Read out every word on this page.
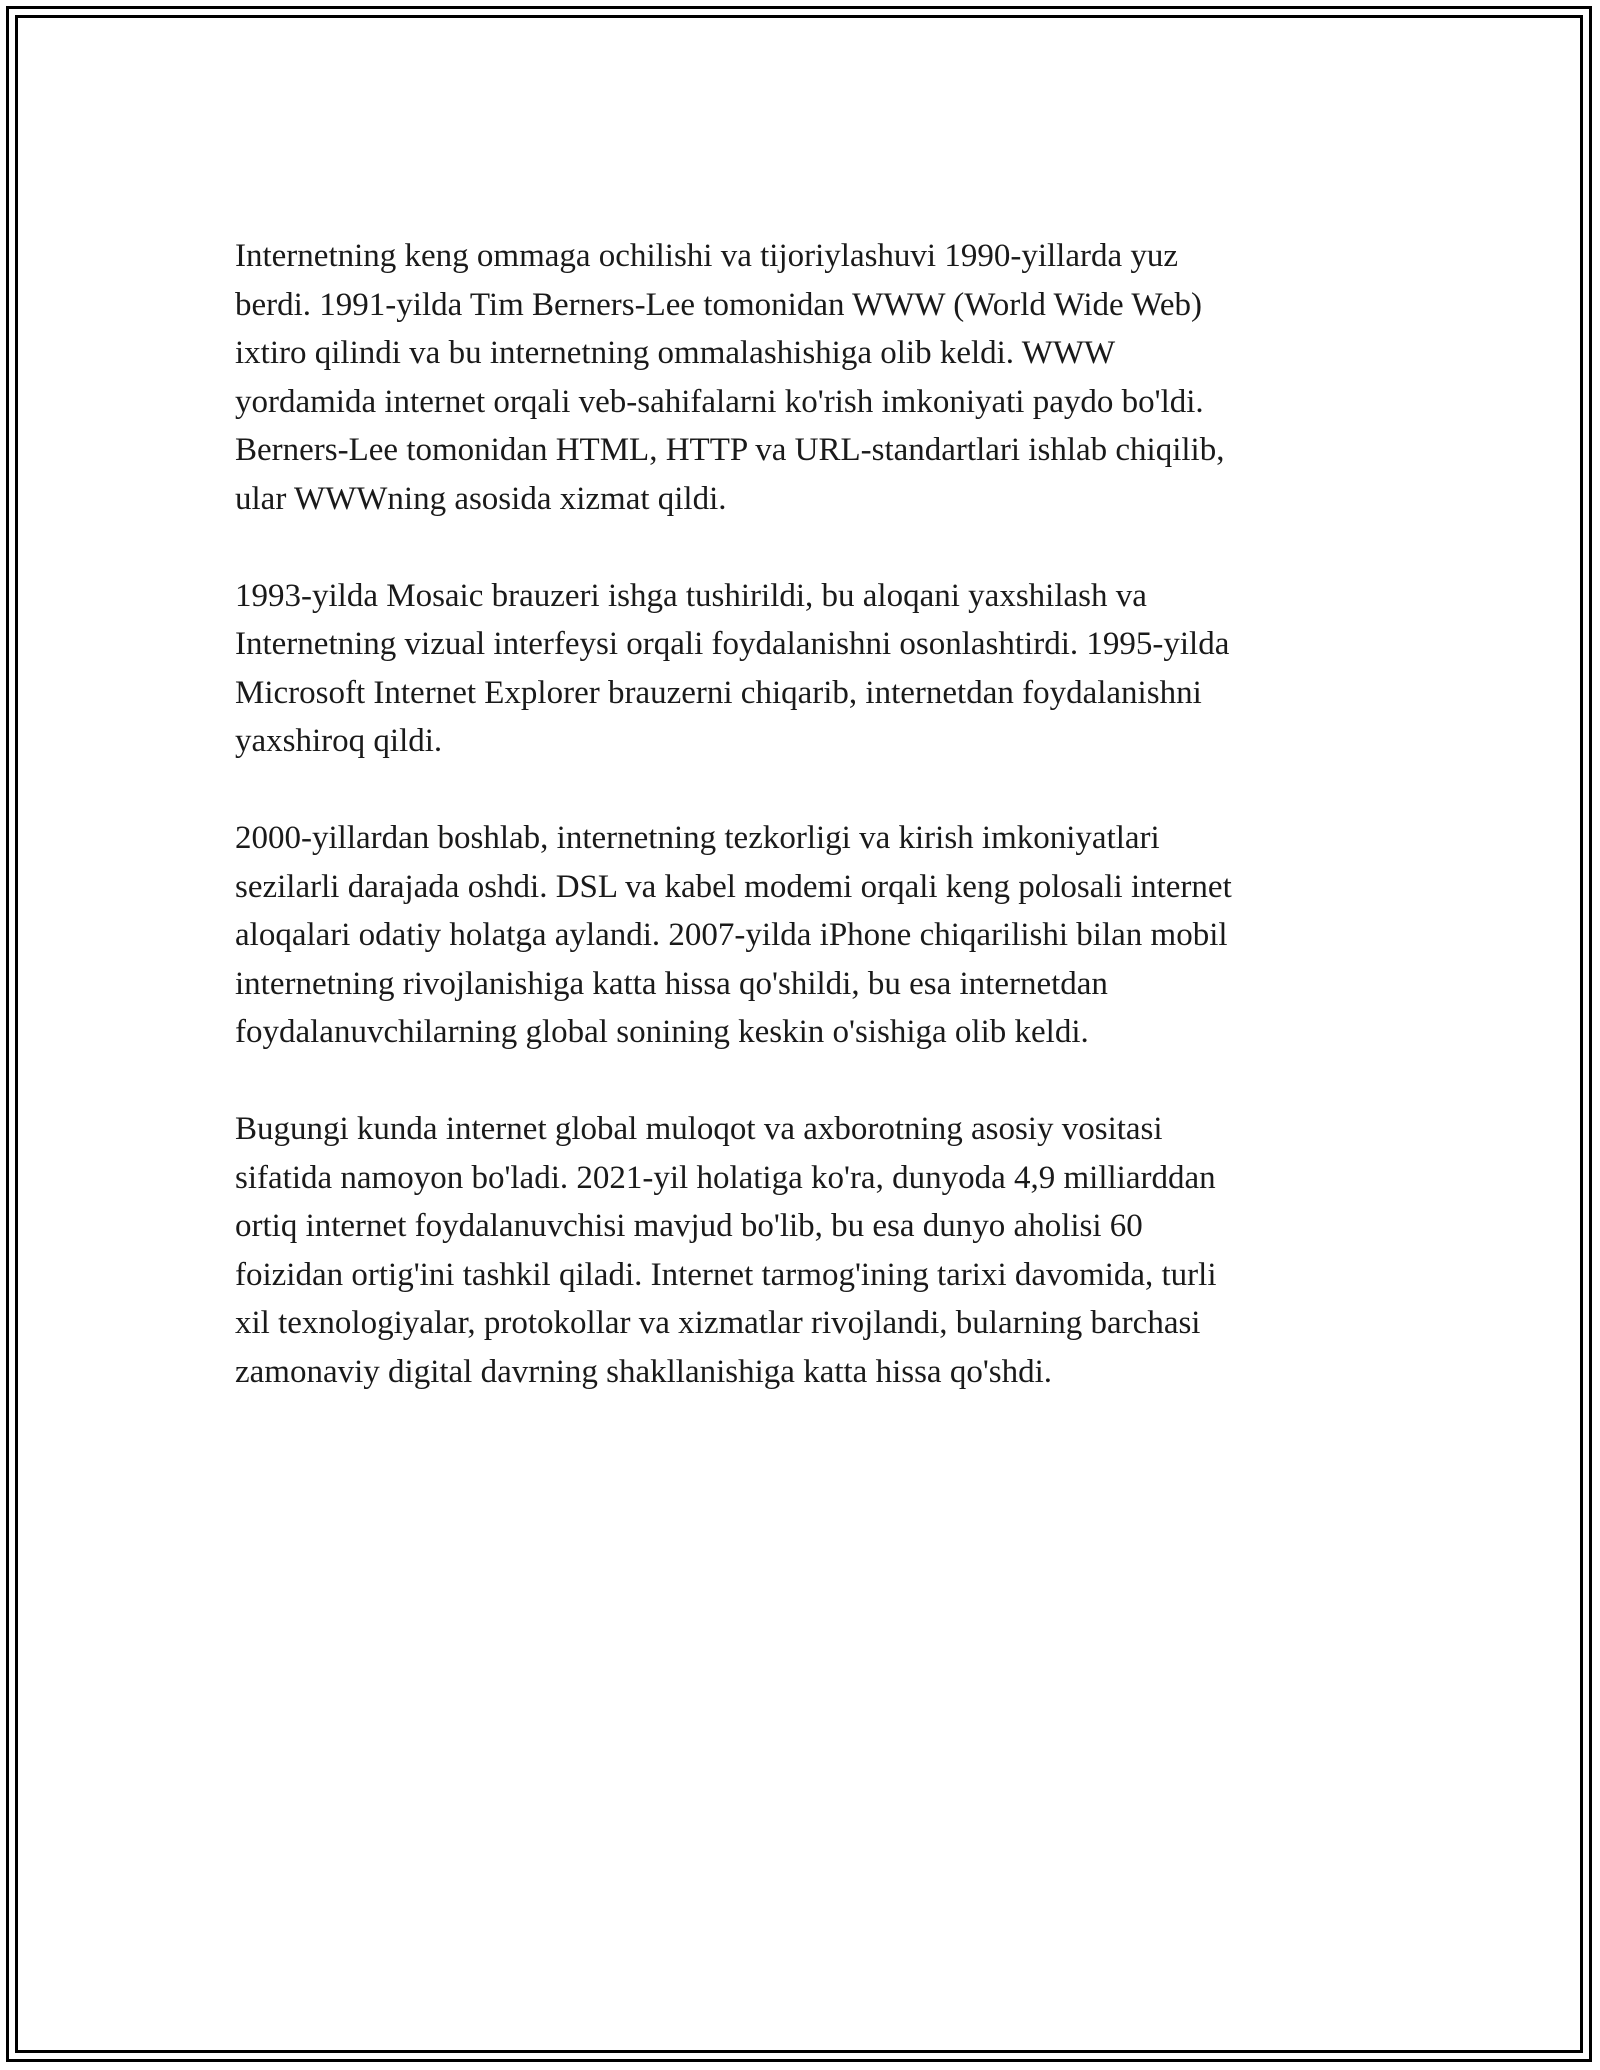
Internetning keng ommaga ochilishi va tijoriylashuvi 1990-yillarda yuz
berdi. 1991-yilda Tim Berners-Lee tomonidan WWW (World Wide Web)
ixtiro qilindi va bu internetning ommalashishiga olib keldi. WWW
yordamida internet orqali veb-sahifalarni ko'rish imkoniyati paydo bo'ldi.
Berners-Lee tomonidan HTML, HTTP va URL-standartlari ishlab chiqilib,
ular WWWning asosida xizmat qildi.

1993-yilda Mosaic brauzeri ishga tushirildi, bu aloqani yaxshilash va
Internetning vizual interfeysi orqali foydalanishni osonlashtirdi. 1995-yilda
Microsoft Internet Explorer brauzerni chiqarib, internetdan foydalanishni
yaxshiroq qildi.

2000-yillardan boshlab, internetning tezkorligi va kirish imkoniyatlari
sezilarli darajada oshdi. DSL va kabel modemi orqali keng polosali internet
aloqalari odatiy holatga aylandi. 2007-yilda iPhone chiqarilishi bilan mobil
internetning rivojlanishiga katta hissa qo'shildi, bu esa internetdan
foydalanuvchilarning global sonining keskin o'sishiga olib keldi.

Bugungi kunda internet global muloqot va axborotning asosiy vositasi
sifatida namoyon bo'ladi. 2021-yil holatiga ko'ra, dunyoda 4,9 milliarddan
ortiq internet foydalanuvchisi mavjud bo'lib, bu esa dunyo aholisi 60
foizidan ortig'ini tashkil qiladi. Internet tarmog'ining tarixi davomida, turli
xil texnologiyalar, protokollar va xizmatlar rivojlandi, bularning barchasi
zamonaviy digital davrning shakllanishiga katta hissa qo'shdi.
